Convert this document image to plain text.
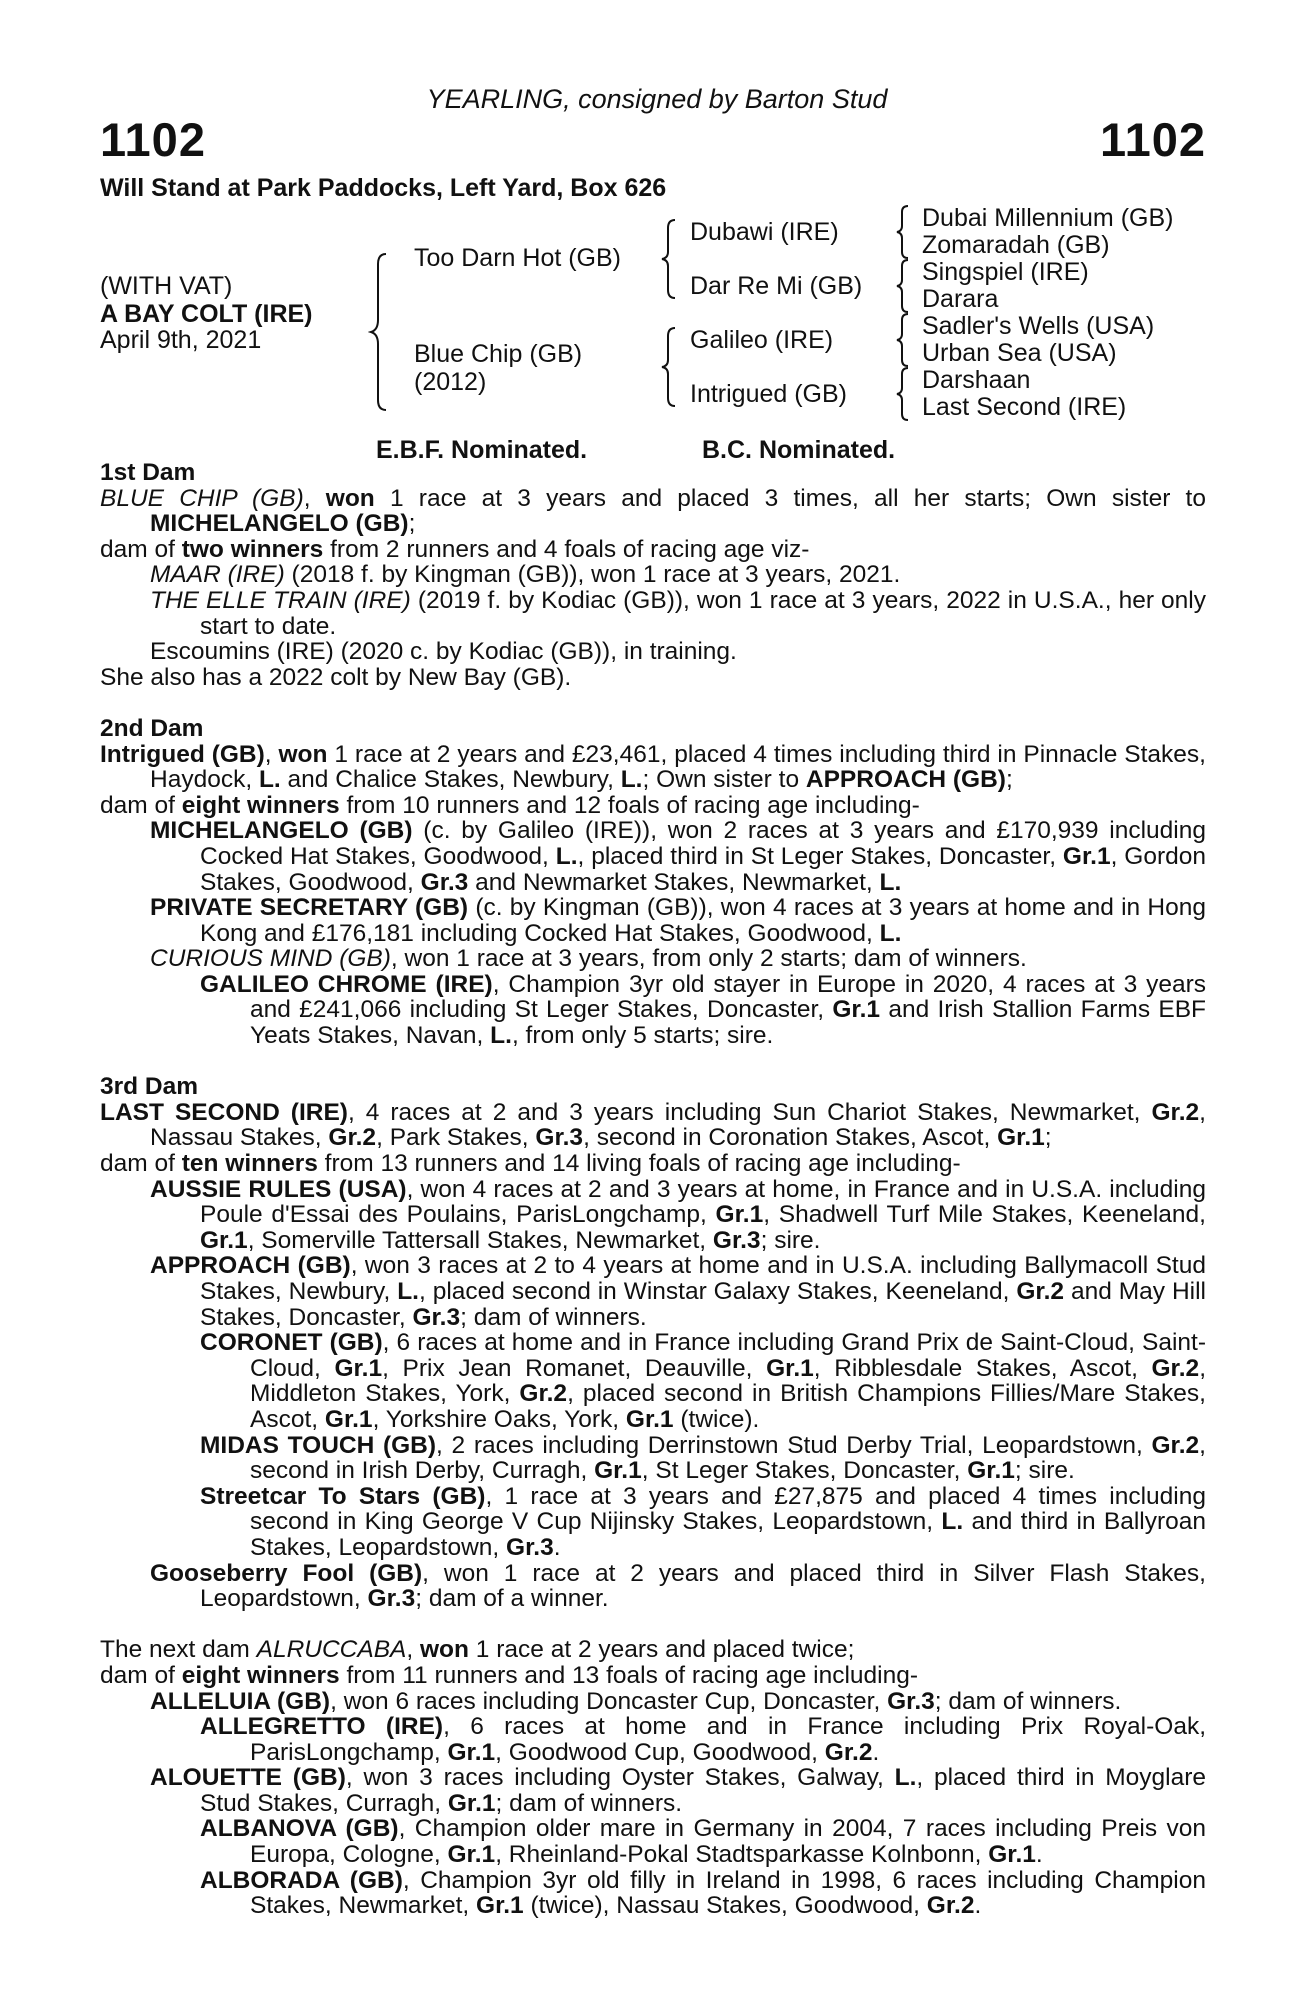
YEARLING, consigned by Barton Stud
1102	1102
Will Stand at Park Paddocks, Left Yard, Box 626
(WITH VAT)
A BAY COLT (IRE)
April 9th, 2021
Too Darn Hot (GB)
Blue Chip (GB)
(2012)
Dubawi (IRE)
Dar Re Mi (GB)
Galileo (IRE)
Intrigued (GB)
Dubai Millennium (GB)
Zomaradah (GB)
Singspiel (IRE)
Darara
Sadler's Wells (USA)
Urban Sea (USA)
Darshaan
Last Second (IRE)
E.B.F. Nominated.	B.C. Nominated.
1st Dam
BLUE CHIP (GB), won 1 race at 3 years and placed 3 times, all her starts; Own sister to MICHELANGELO (GB);
dam of two winners from 2 runners and 4 foals of racing age viz-
MAAR (IRE) (2018 f. by Kingman (GB)), won 1 race at 3 years, 2021.
THE ELLE TRAIN (IRE) (2019 f. by Kodiac (GB)), won 1 race at 3 years, 2022 in U.S.A., her only start to date.
Escoumins (IRE) (2020 c. by Kodiac (GB)), in training.
She also has a 2022 colt by New Bay (GB).
2nd Dam
Intrigued (GB), won 1 race at 2 years and £23,461, placed 4 times including third in Pinnacle Stakes, Haydock, L. and Chalice Stakes, Newbury, L.; Own sister to APPROACH (GB);
dam of eight winners from 10 runners and 12 foals of racing age including-
MICHELANGELO (GB) (c. by Galileo (IRE)), won 2 races at 3 years and £170,939 including Cocked Hat Stakes, Goodwood, L., placed third in St Leger Stakes, Doncaster, Gr.1, Gordon Stakes, Goodwood, Gr.3 and Newmarket Stakes, Newmarket, L.
PRIVATE SECRETARY (GB) (c. by Kingman (GB)), won 4 races at 3 years at home and in Hong Kong and £176,181 including Cocked Hat Stakes, Goodwood, L.
CURIOUS MIND (GB), won 1 race at 3 years, from only 2 starts; dam of winners.
GALILEO CHROME (IRE), Champion 3yr old stayer in Europe in 2020, 4 races at 3 years and £241,066 including St Leger Stakes, Doncaster, Gr.1 and Irish Stallion Farms EBF Yeats Stakes, Navan, L., from only 5 starts; sire.
3rd Dam
LAST SECOND (IRE), 4 races at 2 and 3 years including Sun Chariot Stakes, Newmarket, Gr.2, Nassau Stakes, Gr.2, Park Stakes, Gr.3, second in Coronation Stakes, Ascot, Gr.1;
dam of ten winners from 13 runners and 14 living foals of racing age including-
AUSSIE RULES (USA), won 4 races at 2 and 3 years at home, in France and in U.S.A. including Poule d'Essai des Poulains, ParisLongchamp, Gr.1, Shadwell Turf Mile Stakes, Keeneland, Gr.1, Somerville Tattersall Stakes, Newmarket, Gr.3; sire.
APPROACH (GB), won 3 races at 2 to 4 years at home and in U.S.A. including Ballymacoll Stud Stakes, Newbury, L., placed second in Winstar Galaxy Stakes, Keeneland, Gr.2 and May Hill Stakes, Doncaster, Gr.3; dam of winners.
CORONET (GB), 6 races at home and in France including Grand Prix de Saint-Cloud, Saint-Cloud, Gr.1, Prix Jean Romanet, Deauville, Gr.1, Ribblesdale Stakes, Ascot, Gr.2, Middleton Stakes, York, Gr.2, placed second in British Champions Fillies/Mare Stakes, Ascot, Gr.1, Yorkshire Oaks, York, Gr.1 (twice).
MIDAS TOUCH (GB), 2 races including Derrinstown Stud Derby Trial, Leopardstown, Gr.2, second in Irish Derby, Curragh, Gr.1, St Leger Stakes, Doncaster, Gr.1; sire.
Streetcar To Stars (GB), 1 race at 3 years and £27,875 and placed 4 times including second in King George V Cup Nijinsky Stakes, Leopardstown, L. and third in Ballyroan Stakes, Leopardstown, Gr.3.
Gooseberry Fool (GB), won 1 race at 2 years and placed third in Silver Flash Stakes, Leopardstown, Gr.3; dam of a winner.
The next dam ALRUCCABA, won 1 race at 2 years and placed twice;
dam of eight winners from 11 runners and 13 foals of racing age including-
ALLELUIA (GB), won 6 races including Doncaster Cup, Doncaster, Gr.3; dam of winners.
ALLEGRETTO (IRE), 6 races at home and in France including Prix Royal-Oak, ParisLongchamp, Gr.1, Goodwood Cup, Goodwood, Gr.2.
ALOUETTE (GB), won 3 races including Oyster Stakes, Galway, L., placed third in Moyglare Stud Stakes, Curragh, Gr.1; dam of winners.
ALBANOVA (GB), Champion older mare in Germany in 2004, 7 races including Preis von Europa, Cologne, Gr.1, Rheinland-Pokal Stadtsparkasse Kolnbonn, Gr.1.
ALBORADA (GB), Champion 3yr old filly in Ireland in 1998, 6 races including Champion Stakes, Newmarket, Gr.1 (twice), Nassau Stakes, Goodwood, Gr.2.
